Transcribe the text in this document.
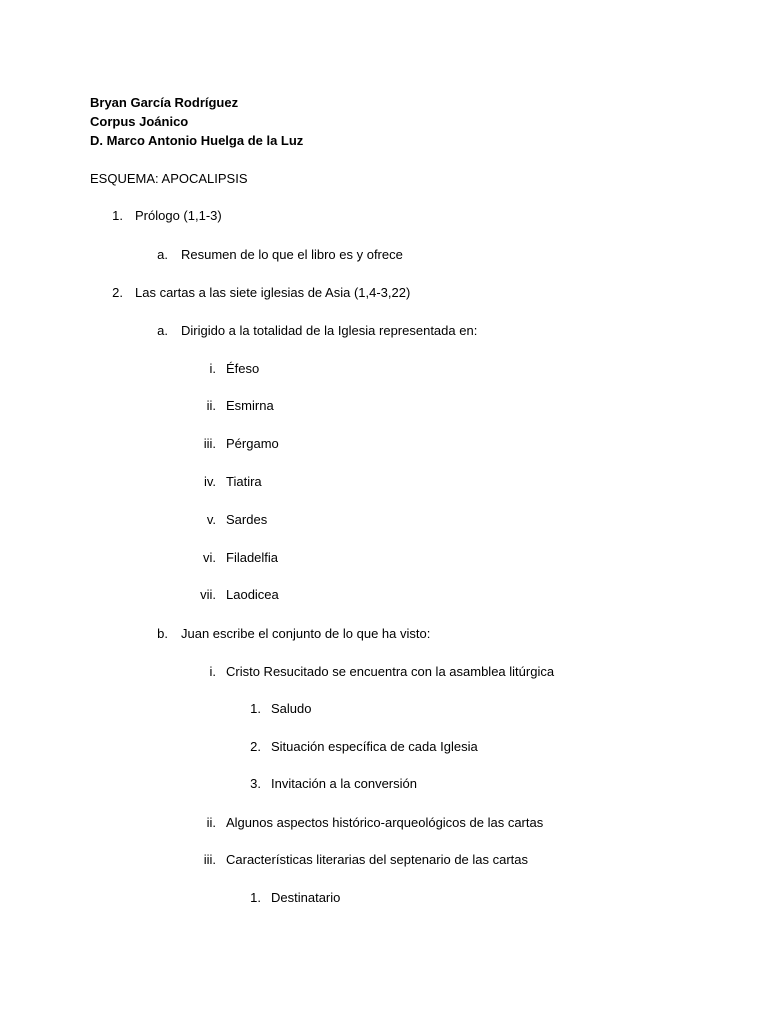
Bryan García Rodríguez
Corpus Joánico
D. Marco Antonio Huelga de la Luz
ESQUEMA: APOCALIPSIS
1. Prólogo (1,1-3)
a. Resumen de lo que el libro es y ofrece
2. Las cartas a las siete iglesias de Asia (1,4-3,22)
a. Dirigido a la totalidad de la Iglesia representada en:
i. Éfeso
ii. Esmirna
iii. Pérgamo
iv. Tiatira
v. Sardes
vi. Filadelfia
vii. Laodicea
b. Juan escribe el conjunto de lo que ha visto:
i. Cristo Resucitado se encuentra con la asamblea litúrgica
1. Saludo
2. Situación específica de cada Iglesia
3. Invitación a la conversión
ii. Algunos aspectos histórico-arqueológicos de las cartas
iii. Características literarias del septenario de las cartas
1. Destinatario
